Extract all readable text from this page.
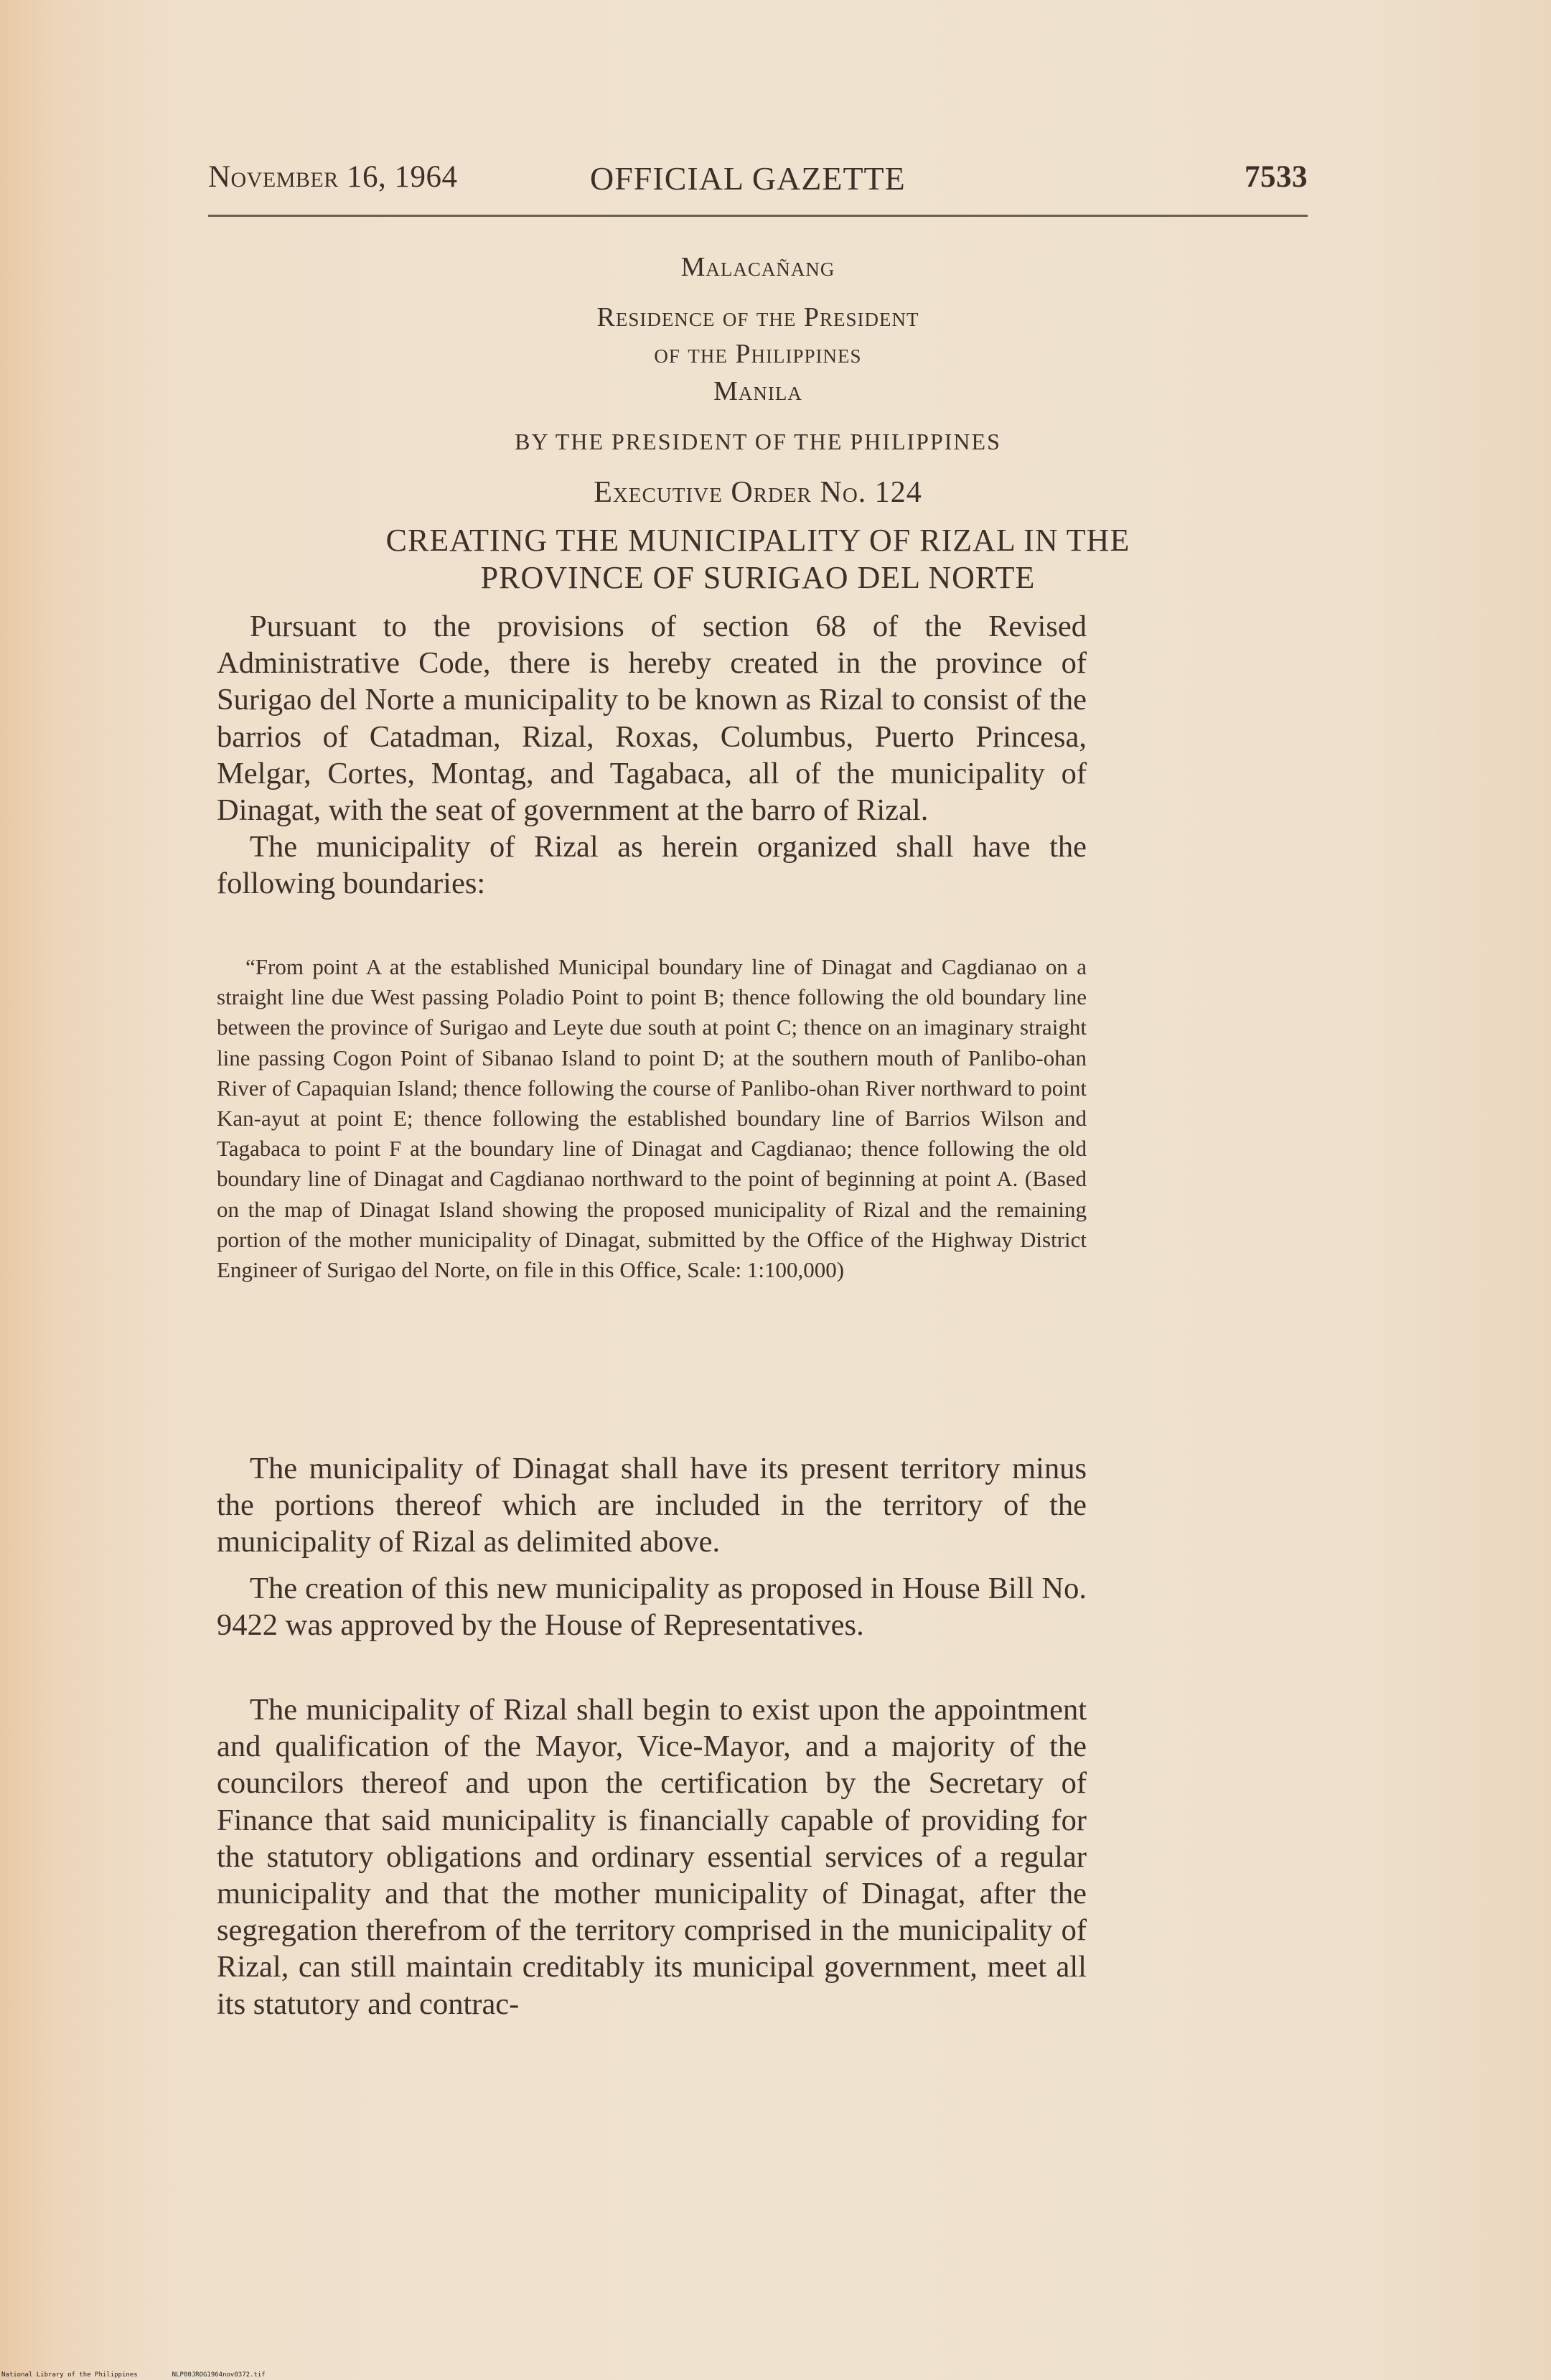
November 16, 1964	OFFICIAL GAZETTE	7533
Malacañang
Residence of the President
of the Philippines
Manila
BY THE PRESIDENT OF THE PHILIPPINES
Executive Order No. 124
CREATING THE MUNICIPALITY OF RIZAL IN THE
PROVINCE OF SURIGAO DEL NORTE

Pursuant to the provisions of section 68 of the Revised Administrative Code, there is hereby created in the province of Surigao del Norte a municipality to be known as Rizal to consist of the barrios of Catadman, Rizal, Roxas, Columbus, Puerto Princesa, Melgar, Cortes, Montag, and Tagabaca, all of the municipality of Dinagat, with the seat of government at the barro of Rizal.

The municipality of Rizal as herein organized shall have the following boundaries:

“From point A at the established Municipal boundary line of Dinagat and Cagdianao on a straight line due West passing Poladio Point to point B; thence following the old boundary line between the province of Surigao and Leyte due south at point C; thence on an imaginary straight line passing Cogon Point of Sibanao Island to point D; at the southern mouth of Panlibo-ohan River of Capaquian Island; thence following the course of Panlibo-ohan River northward to point Kan-ayut at point E; thence following the established boundary line of Barrios Wilson and Tagabaca to point F at the boundary line of Dinagat and Cagdianao; thence following the old boundary line of Dinagat and Cagdianao northward to the point of beginning at point A. (Based on the map of Dinagat Island showing the proposed municipality of Rizal and the remaining portion of the mother municipality of Dinagat, submitted by the Office of the Highway District Engineer of Surigao del Norte, on file in this Office, Scale: 1:100,000)

The municipality of Dinagat shall have its present territory minus the portions thereof which are included in the territory of the municipality of Rizal as delimited above.

The creation of this new municipality as proposed in House Bill No. 9422 was approved by the House of Representatives.

The municipality of Rizal shall begin to exist upon the appointment and qualification of the Mayor, Vice-Mayor, and a majority of the councilors thereof and upon the certification by the Secretary of Finance that said municipality is financially capable of providing for the statutory obligations and ordinary essential services of a regular municipality and that the mother municipality of Dinagat, after the segregation therefrom of the territory comprised in the municipality of Rizal, can still maintain creditably its municipal government, meet all its statutory and contrac-

National Library of the Philippines	NLP00JROG1964nov0372.tif
